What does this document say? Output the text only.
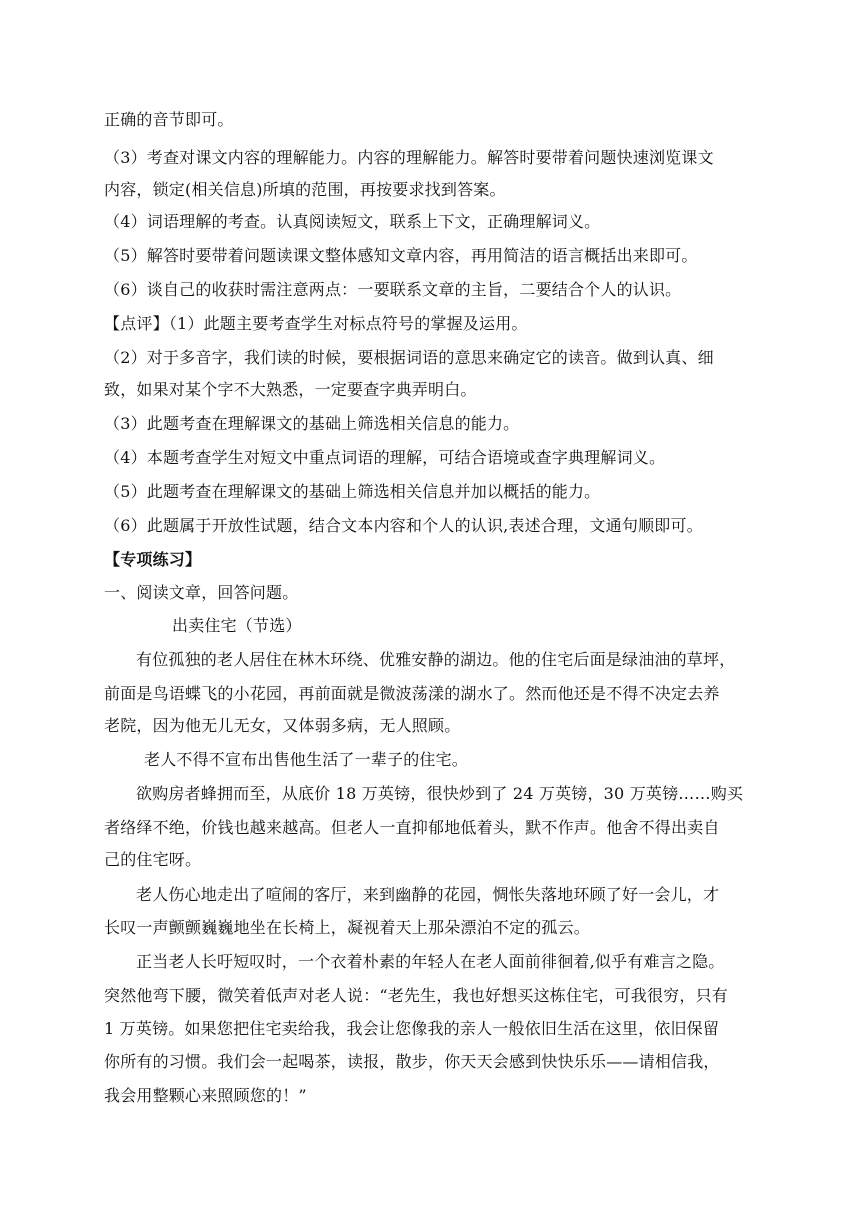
正确的音节即可。
（3）考查对课文内容的理解能力。内容的理解能力。解答时要带着问题快速浏览课文
内容，锁定(相关信息)所填的范围，再按要求找到答案。
（4）词语理解的考查。认真阅读短文，联系上下文，正确理解词义。
（5）解答时要带着问题读课文整体感知文章内容，再用简洁的语言概括出来即可。
（6）谈自己的收获时需注意两点：一要联系文章的主旨，二要结合个人的认识。
【点评】（1）此题主要考查学生对标点符号的掌握及运用。
（2）对于多音字，我们读的时候，要根据词语的意思来确定它的读音。做到认真、细
致，如果对某个字不大熟悉，一定要查字典弄明白。
（3）此题考查在理解课文的基础上筛选相关信息的能力。
（4）本题考查学生对短文中重点词语的理解，可结合语境或查字典理解词义。
（5）此题考查在理解课文的基础上筛选相关信息并加以概括的能力。
（6）此题属于开放性试题，结合文本内容和个人的认识,表述合理，文通句顺即可。
【专项练习】
一、阅读文章，回答问题。
出卖住宅（节选）
有位孤独的老人居住在林木环绕、优雅安静的湖边。他的住宅后面是绿油油的草坪，
前面是鸟语蝶飞的小花园，再前面就是微波荡漾的湖水了。然而他还是不得不决定去养
老院，因为他无儿无女，又体弱多病，无人照顾。
老人不得不宣布出售他生活了一辈子的住宅。
欲购房者蜂拥而至，从底价 18 万英镑，很快炒到了 24 万英镑，30 万英镑……购买
者络绎不绝，价钱也越来越高。但老人一直抑郁地低着头，默不作声。他舍不得出卖自
己的住宅呀。
老人伤心地走出了喧闹的客厅，来到幽静的花园，惆怅失落地环顾了好一会儿，才
长叹一声颤颤巍巍地坐在长椅上，凝视着天上那朵漂泊不定的孤云。
正当老人长吁短叹时，一个衣着朴素的年轻人在老人面前徘徊着,似乎有难言之隐。
突然他弯下腰，微笑着低声对老人说：“老先生，我也好想买这栋住宅，可我很穷，只有
1 万英镑。如果您把住宅卖给我，我会让您像我的亲人一般依旧生活在这里，依旧保留
你所有的习惯。我们会一起喝茶，读报，散步，你天天会感到快快乐乐——请相信我，
我会用整颗心来照顾您的！”
